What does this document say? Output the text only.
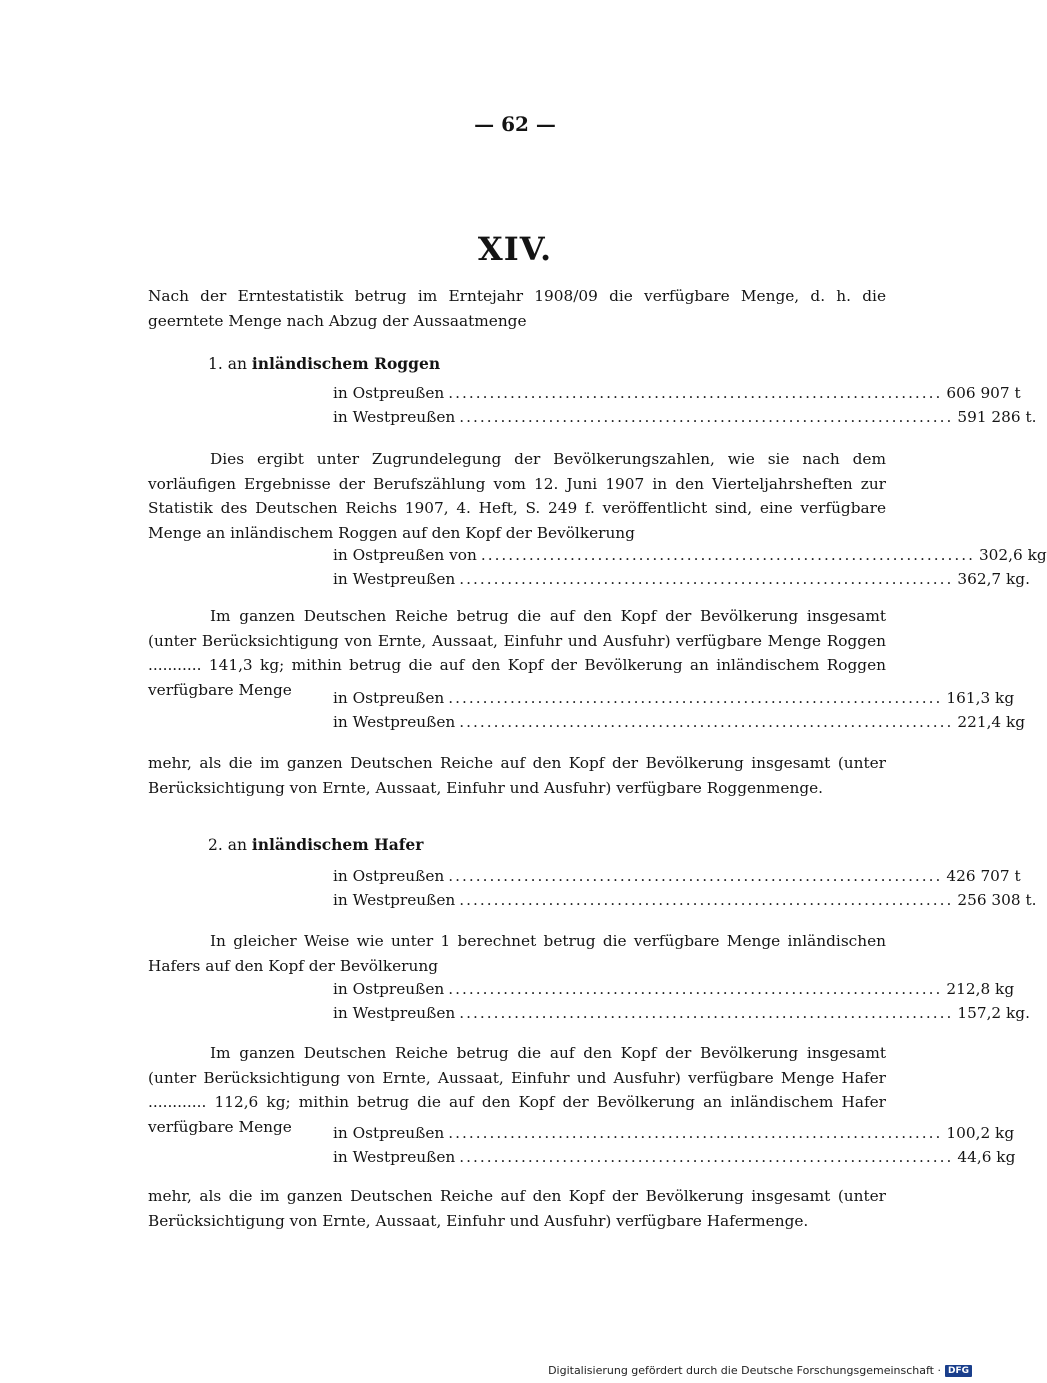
— 62 —
XIV.

Nach der Erntestatistik betrug im Erntejahr 1908/09 die verfügbare Menge, d. h. die geerntete Menge nach Abzug der Aussaatmenge

1. an inländischem Roggen
in Ostpreußen ........................................................................ 606 907 t
in Westpreußen ........................................................................ 591 286 t.

Dies ergibt unter Zugrundelegung der Bevölkerungszahlen, wie sie nach dem vorläufigen Ergebnisse der Berufszählung vom 12. Juni 1907 in den Vierteljahrsheften zur Statistik des Deutschen Reichs 1907, 4. Heft, S. 249 f. veröffentlicht sind, eine verfügbare Menge an inländischem Roggen auf den Kopf der Bevölkerung

in Ostpreußen von ........................................................................ 302,6 kg
in Westpreußen ........................................................................ 362,7 kg.

Im ganzen Deutschen Reiche betrug die auf den Kopf der Bevölkerung insgesamt (unter Berücksichtigung von Ernte, Aussaat, Einfuhr und Ausfuhr) verfügbare Menge Roggen ........... 141,3 kg; mithin betrug die auf den Kopf der Bevölkerung an inländischem Roggen verfügbare Menge	in Ostpreußen ........................................................................ 161,3 kg
in Westpreußen ........................................................................ 221,4 kg

mehr, als die im ganzen Deutschen Reiche auf den Kopf der Bevölkerung insgesamt (unter Berücksichtigung von Ernte, Aussaat, Einfuhr und Ausfuhr) verfügbare Roggenmenge.

2. an inländischem Hafer
in Ostpreußen ........................................................................ 426 707 t
in Westpreußen ........................................................................ 256 308 t.

In gleicher Weise wie unter 1 berechnet betrug die verfügbare Menge inländischen Hafers auf den Kopf der Bevölkerung

in Ostpreußen ........................................................................ 212,8 kg
in Westpreußen ........................................................................ 157,2 kg.

Im ganzen Deutschen Reiche betrug die auf den Kopf der Bevölkerung insgesamt (unter Berücksichtigung von Ernte, Aussaat, Einfuhr und Ausfuhr) verfügbare Menge Hafer ............ 112,6 kg; mithin betrug die auf den Kopf der Bevölkerung an inländischem Hafer verfügbare Menge	in Ostpreußen ........................................................................ 100,2 kg
in Westpreußen ........................................................................ 44,6 kg

mehr, als die im ganzen Deutschen Reiche auf den Kopf der Bevölkerung insgesamt (unter Berücksichtigung von Ernte, Aussaat, Einfuhr und Ausfuhr) verfügbare Hafermenge.

Digitalisierung gefördert durch die Deutsche Forschungsgemeinschaft · DFG
